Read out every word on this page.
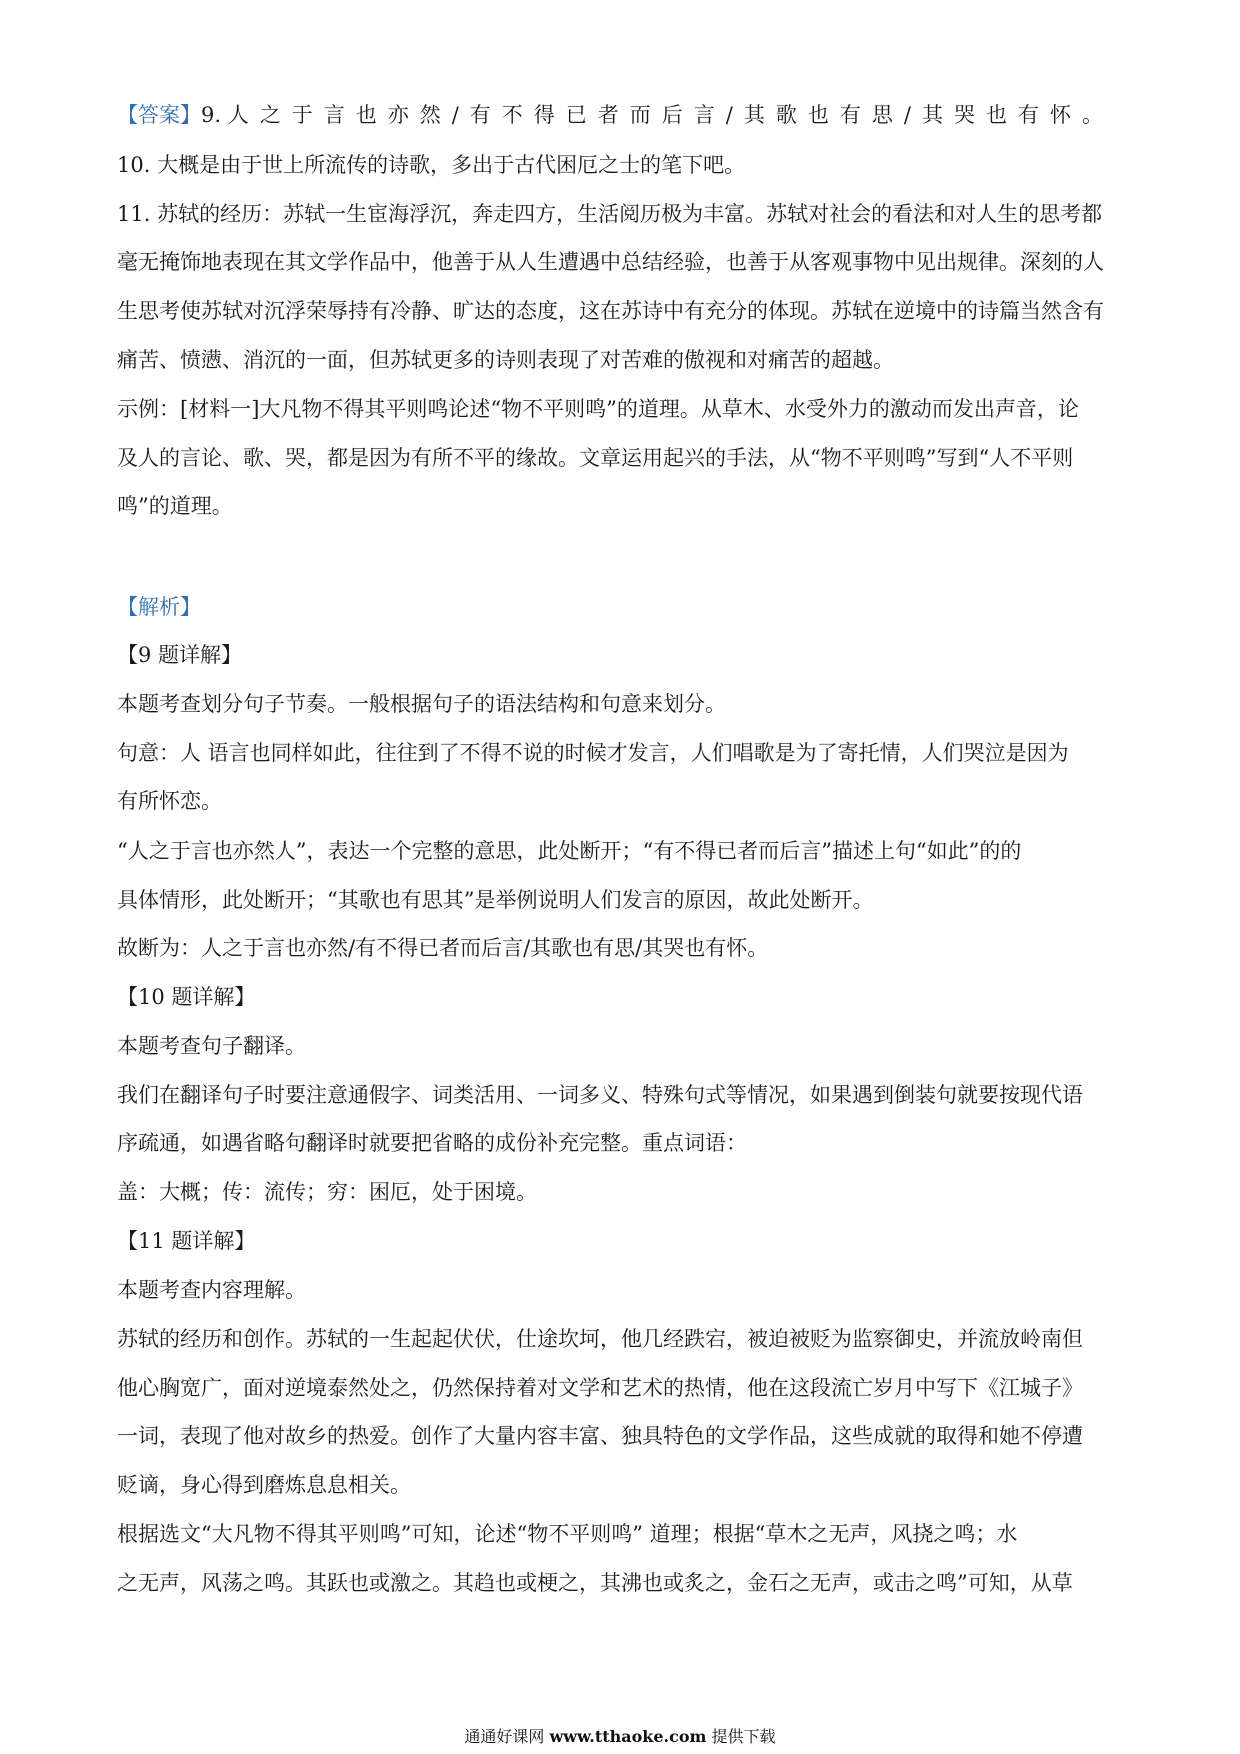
【答案】9. 人之于言也亦然/有不得已者而后言/其歌也有思/其哭也有怀。
10. 大概是由于世上所流传的诗歌，多出于古代困厄之士的笔下吧。
11. 苏轼的经历：苏轼一生宦海浮沉，奔走四方，生活阅历极为丰富。苏轼对社会的看法和对人生的思考都
毫无掩饰地表现在其文学作品中，他善于从人生遭遇中总结经验，也善于从客观事物中见出规律。深刻的人
生思考使苏轼对沉浮荣辱持有冷静、旷达的态度，这在苏诗中有充分的体现。苏轼在逆境中的诗篇当然含有
痛苦、愤懑、消沉的一面，但苏轼更多的诗则表现了对苦难的傲视和对痛苦的超越。
示例：[材料一]大凡物不得其平则鸣论述“物不平则鸣”的道理。从草木、水受外力的激动而发出声音，论
及人的言论、歌、哭，都是因为有所不平的缘故。文章运用起兴的手法，从“物不平则鸣”写到“人不平则
鸣”的道理。
【解析】
【9 题详解】
本题考查划分句子节奏。一般根据句子的语法结构和句意来划分。
句意：人 语言也同样如此，往往到了不得不说的时候才发言，人们唱歌是为了寄托情，人们哭泣是因为
有所怀恋。
“人之于言也亦然人”，表达一个完整的意思，此处断开；“有不得已者而后言”描述上句“如此”的的
具体情形，此处断开；“其歌也有思其”是举例说明人们发言的原因，故此处断开。
故断为：人之于言也亦然/有不得已者而后言/其歌也有思/其哭也有怀。
【10 题详解】
本题考查句子翻译。
我们在翻译句子时要注意通假字、词类活用、一词多义、特殊句式等情况，如果遇到倒装句就要按现代语
序疏通，如遇省略句翻译时就要把省略的成份补充完整。重点词语：
盖：大概；传：流传；穷：困厄，处于困境。
【11 题详解】
本题考查内容理解。
苏轼的经历和创作。苏轼的一生起起伏伏，仕途坎坷，他几经跌宕，被迫被贬为监察御史，并流放岭南但
他心胸宽广，面对逆境泰然处之，仍然保持着对文学和艺术的热情，他在这段流亡岁月中写下《江城子》
一词，表现了他对故乡的热爱。创作了大量内容丰富、独具特色的文学作品，这些成就的取得和她不停遭
贬谪，身心得到磨炼息息相关。
根据选文“大凡物不得其平则鸣”可知，论述“物不平则鸣” 道理；根据“草木之无声，风挠之鸣；水
之无声，风荡之鸣。其跃也或激之。其趋也或梗之，其沸也或炙之，金石之无声，或击之鸣”可知，从草
通通好课网 www.tthaoke.com 提供下载
